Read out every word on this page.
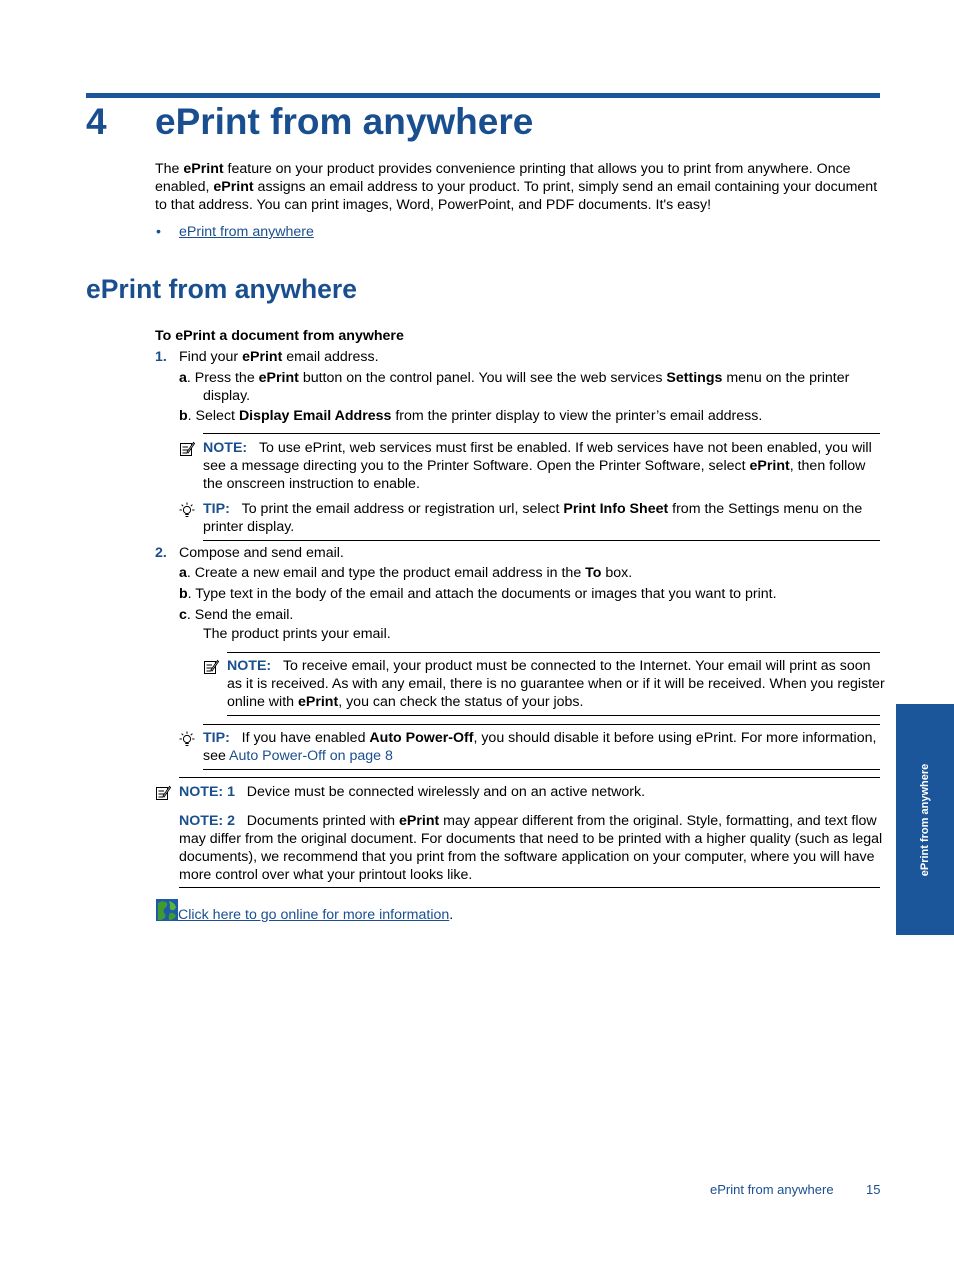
4 ePrint from anywhere
The ePrint feature on your product provides convenience printing that allows you to print from anywhere. Once
enabled, ePrint assigns an email address to your product. To print, simply send an email containing your document
to that address. You can print images, Word, PowerPoint, and PDF documents. It's easy!
• ePrint from anywhere
ePrint from anywhere
To ePrint a document from anywhere
1. Find your ePrint email address.
a. Press the ePrint button on the control panel. You will see the web services Settings menu on the printer
display.
b. Select Display Email Address from the printer display to view the printer’s email address.
NOTE: To use ePrint, web services must first be enabled. If web services have not been enabled, you will
see a message directing you to the Printer Software. Open the Printer Software, select ePrint, then follow
the onscreen instruction to enable.
TIP: To print the email address or registration url, select Print Info Sheet from the Settings menu on the
printer display.
2. Compose and send email.
a. Create a new email and type the product email address in the To box.
b. Type text in the body of the email and attach the documents or images that you want to print.
c. Send the email.
The product prints your email.
NOTE: To receive email, your product must be connected to the Internet. Your email will print as soon
as it is received. As with any email, there is no guarantee when or if it will be received. When you register
online with ePrint, you can check the status of your jobs.
TIP: If you have enabled Auto Power-Off, you should disable it before using ePrint. For more information,
see Auto Power-Off on page 8
NOTE: 1 Device must be connected wirelessly and on an active network.
NOTE: 2 Documents printed with ePrint may appear different from the original. Style, formatting, and text flow
may differ from the original document. For documents that need to be printed with a higher quality (such as legal
documents), we recommend that you print from the software application on your computer, where you will have
more control over what your printout looks like.
Click here to go online for more information.
ePrint from anywhere
ePrint from anywhere 15
